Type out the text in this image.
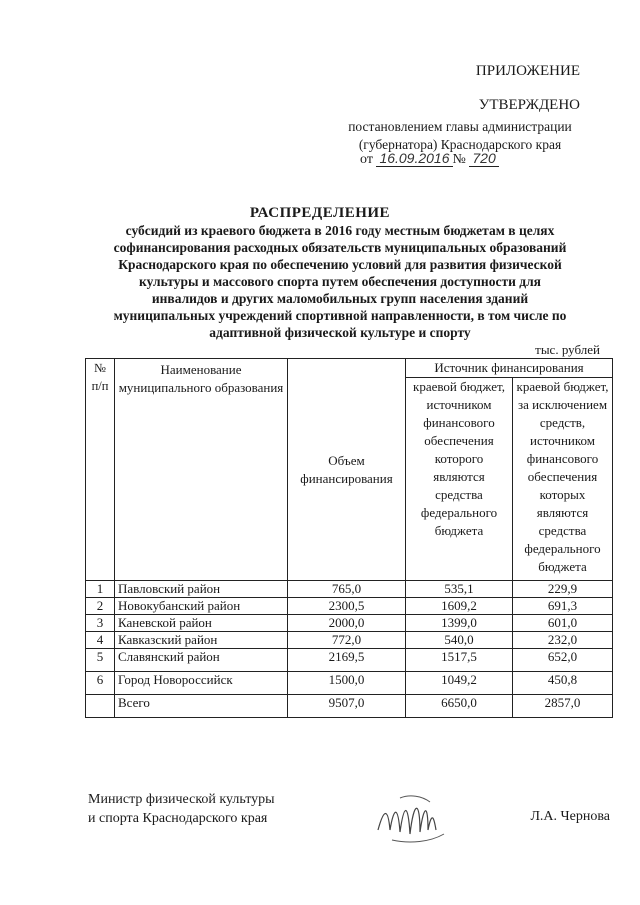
ПРИЛОЖЕНИЕ
УТВЕРЖДЕНО
постановлением главы администрации
(губернатора) Краснодарского края
от 16.09.2016 № 720
РАСПРЕДЕЛЕНИЕ
субсидий из краевого бюджета в 2016 году местным бюджетам в целях
софинансирования расходных обязательств муниципальных образований
Краснодарского края по обеспечению условий для развития физической
культуры и массового спорта путем обеспечения доступности для
инвалидов и других маломобильных групп населения зданий
муниципальных учреждений спортивной направленности, в том числе по
адаптивной физической культуре и спорту
тыс. рублей
№ п/п	Наименование муниципального образования	Объем финансирования	Источник финансирования	
			краевой бюджет, источником финансового обеспечения которого являются средства федерального бюджета	краевой бюджет, за исключением средств, источником финансового обеспечения которых являются средства федерального бюджета
1	Павловский район	765,0	535,1	229,9
2	Новокубанский район	2300,5	1609,2	691,3
3	Каневской район	2000,0	1399,0	601,0
4	Кавказский район	772,0	540,0	232,0
5	Славянский район	2169,5	1517,5	652,0
6	Город Новороссийск	1500,0	1049,2	450,8
	Всего	9507,0	6650,0	2857,0
Министр физической культуры
и спорта Краснодарского края	Л.А. Чернова
